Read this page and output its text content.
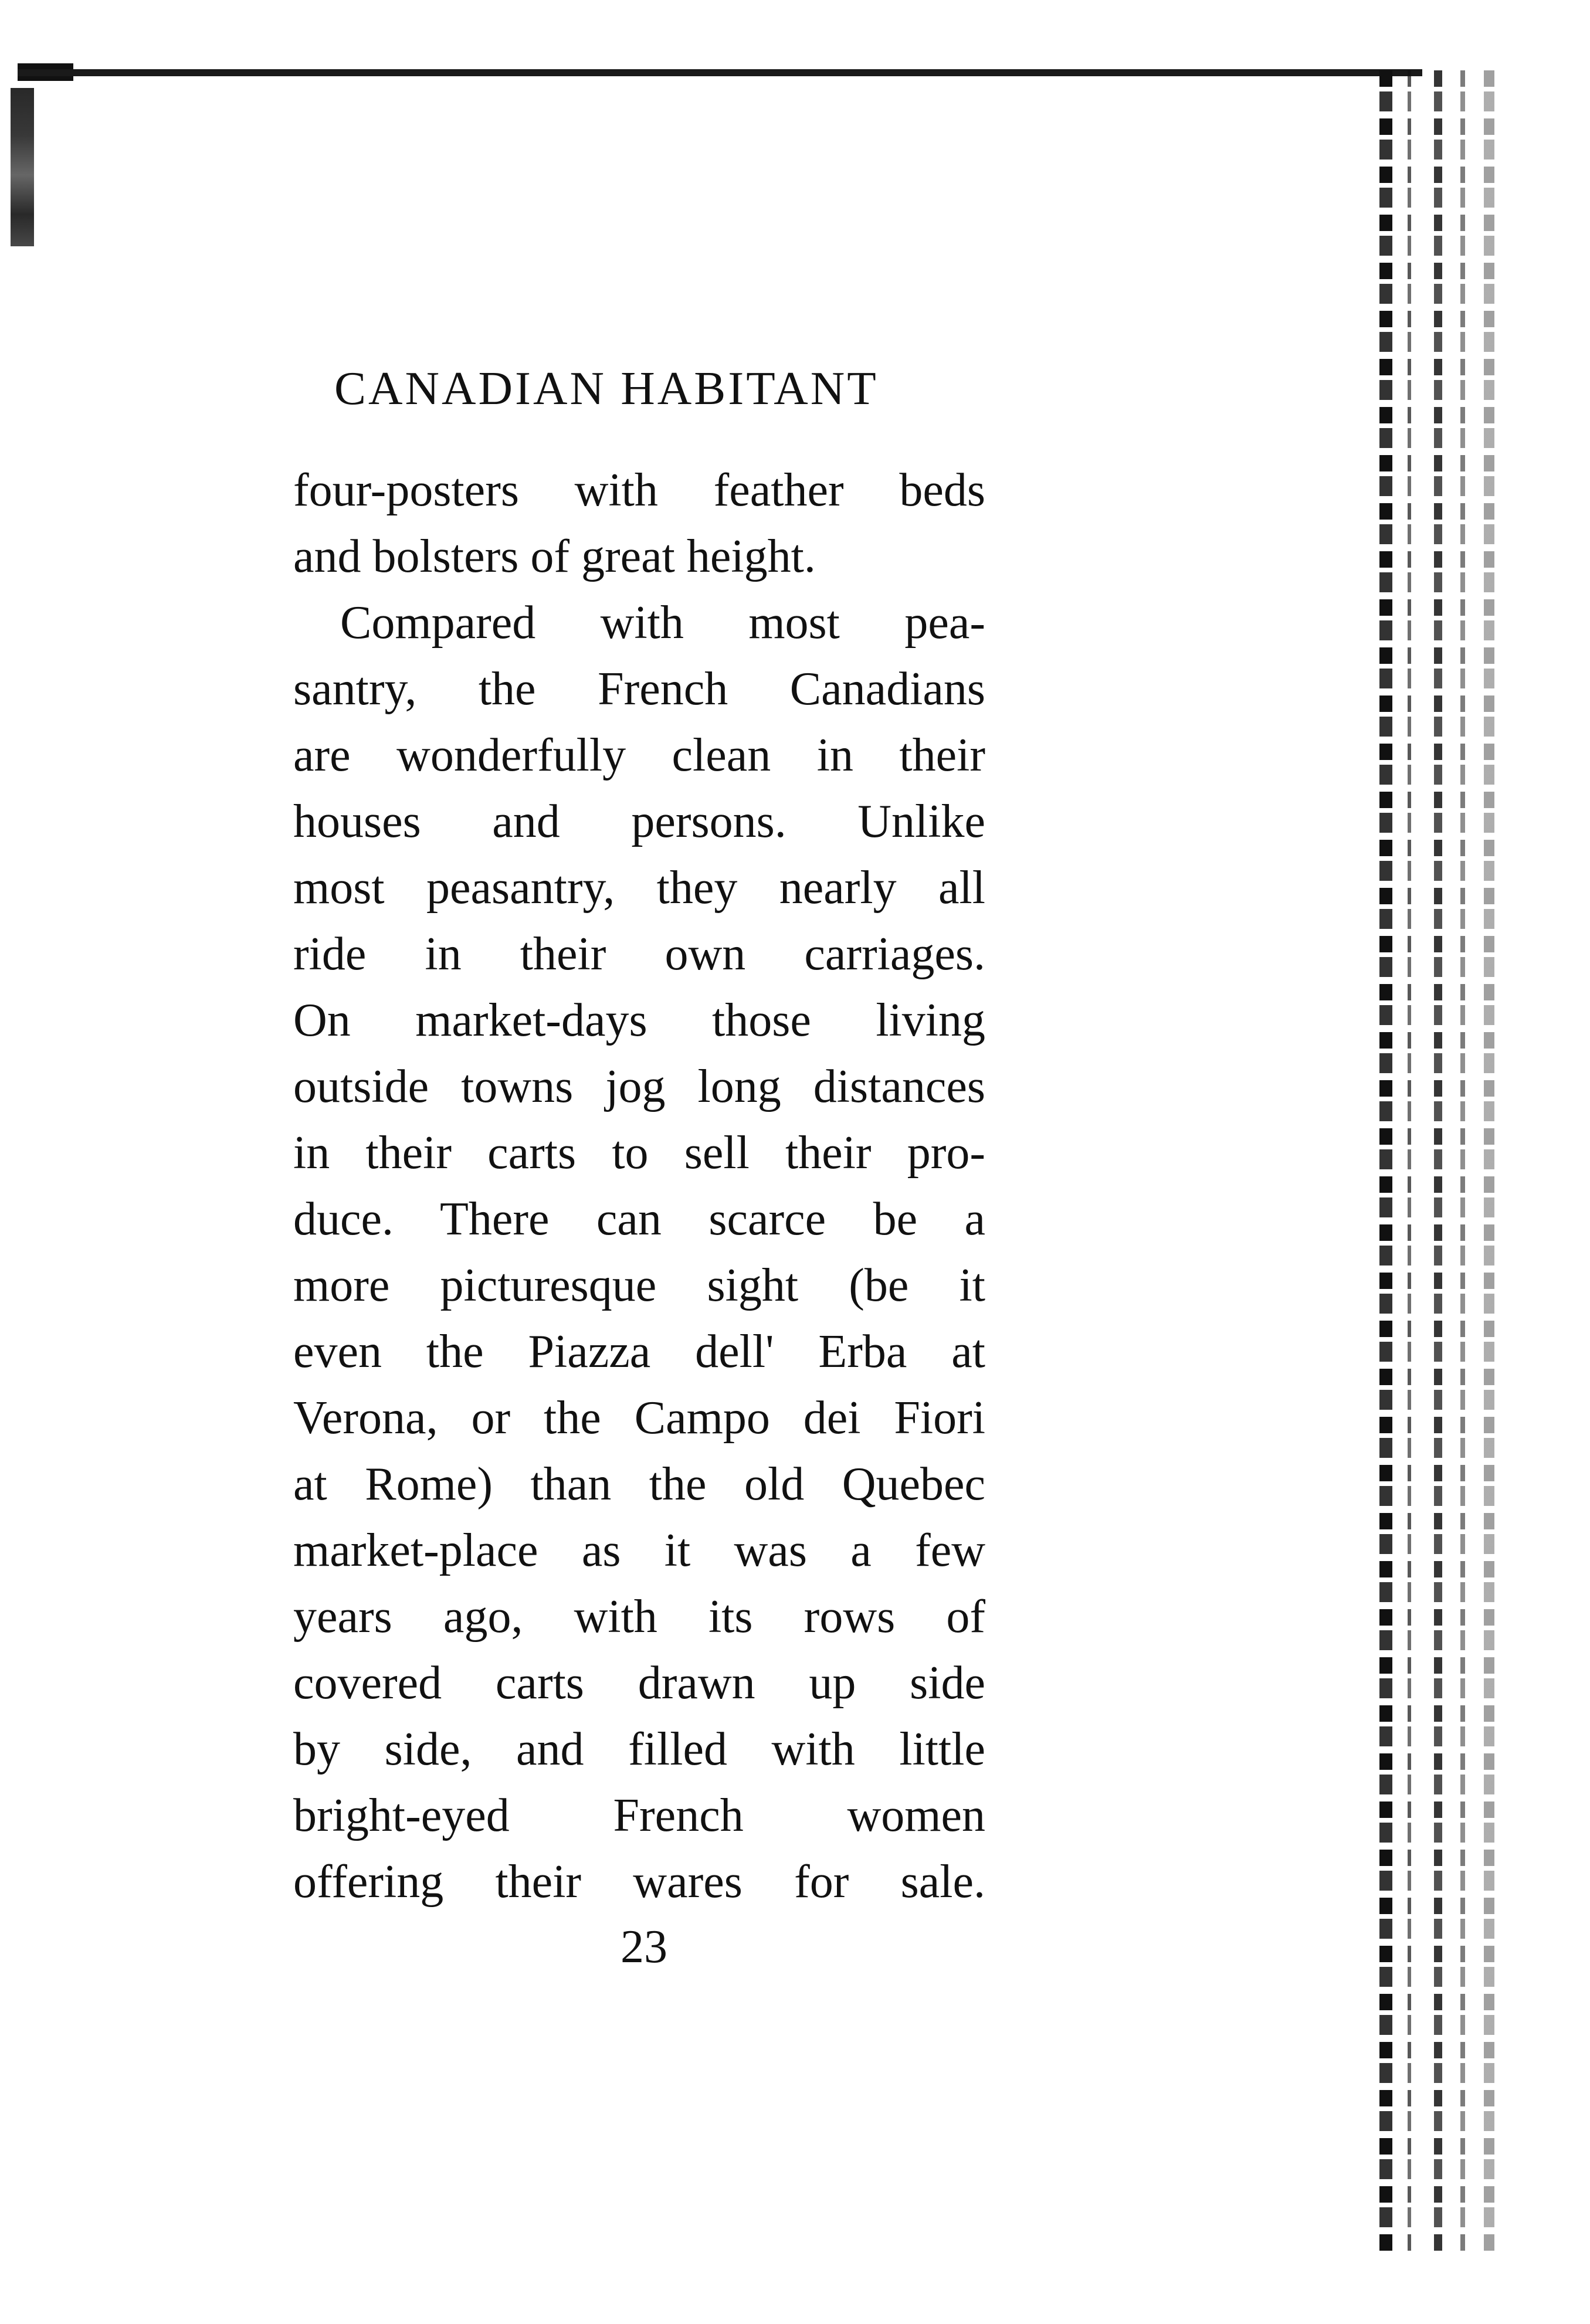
CANADIAN HABITANT
four-posters with feather beds
and bolsters of great height.
Compared with most pea-
santry, the French Canadians
are wonderfully clean in their
houses and persons. Unlike
most peasantry, they nearly all
ride in their own carriages.
On market-days those living
outside towns jog long distances
in their carts to sell their pro-
duce. There can scarce be a
more picturesque sight (be it
even the Piazza dell' Erba at
Verona, or the Campo dei Fiori
at Rome) than the old Quebec
market-place as it was a few
years ago, with its rows of
covered carts drawn up side
by side, and filled with little
bright-eyed French women
offering their wares for sale.
23
